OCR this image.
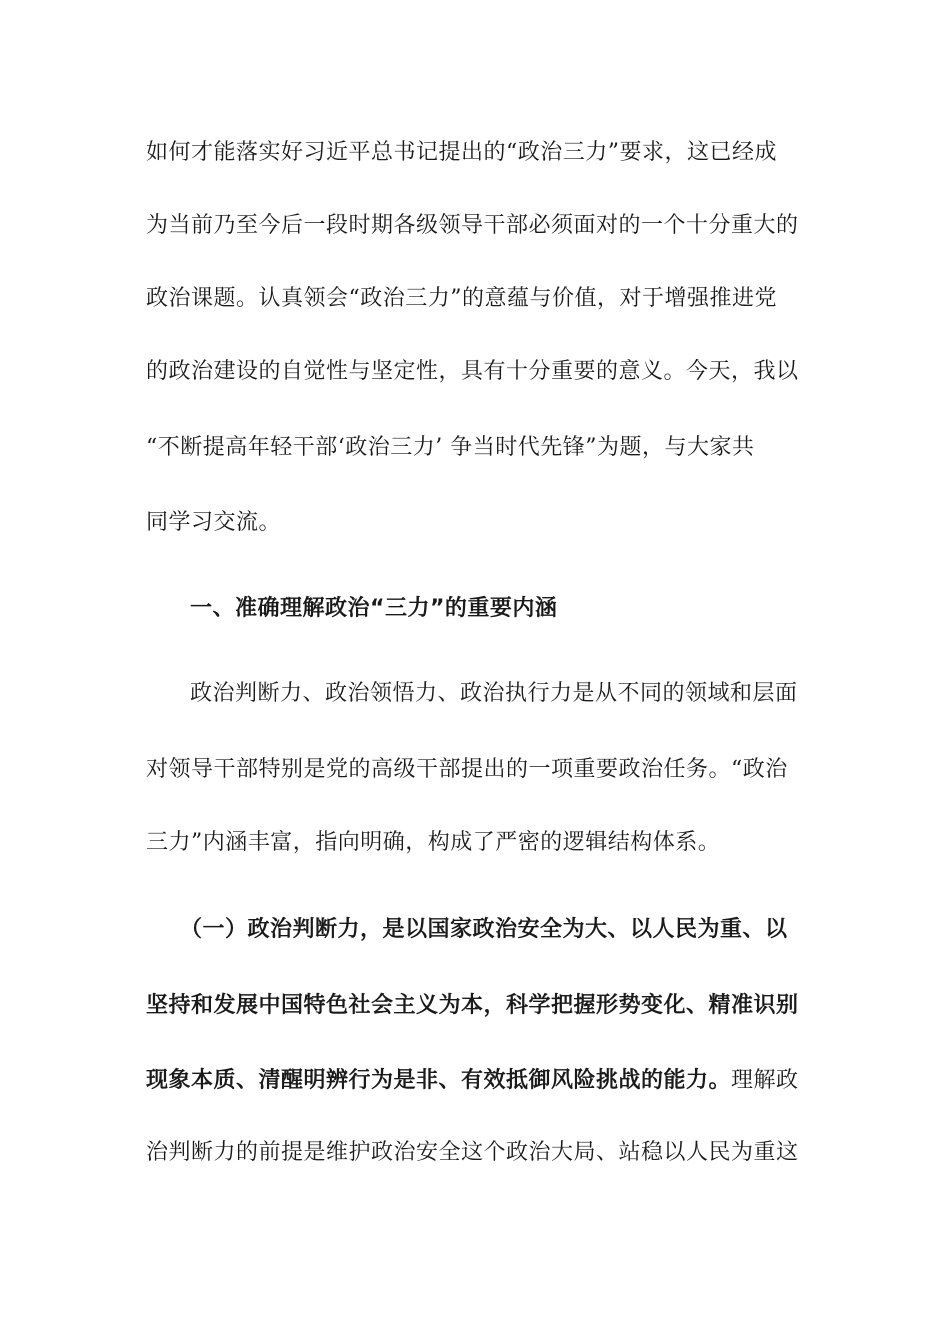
如何才能落实好习近平总书记提出的“政治三力”要求，这已经成
为当前乃至今后一段时期各级领导干部必须面对的一个十分重大的
政治课题。认真领会“政治三力”的意蕴与价值，对于增强推进党
的政治建设的自觉性与坚定性，具有十分重要的意义。今天，我以
“不断提高年轻干部‘政治三力’ 争当时代先锋”为题，与大家共
同学习交流。
一、准确理解政治“三力”的重要内涵
政治判断力、政治领悟力、政治执行力是从不同的领域和层面
对领导干部特别是党的高级干部提出的一项重要政治任务。“政治
三力”内涵丰富，指向明确，构成了严密的逻辑结构体系。
（一）政治判断力，是以国家政治安全为大、以人民为重、以
坚持和发展中国特色社会主义为本，科学把握形势变化、精准识别
现象本质、清醒明辨行为是非、有效抵御风险挑战的能力。理解政
治判断力的前提是维护政治安全这个政治大局、站稳以人民为重这
